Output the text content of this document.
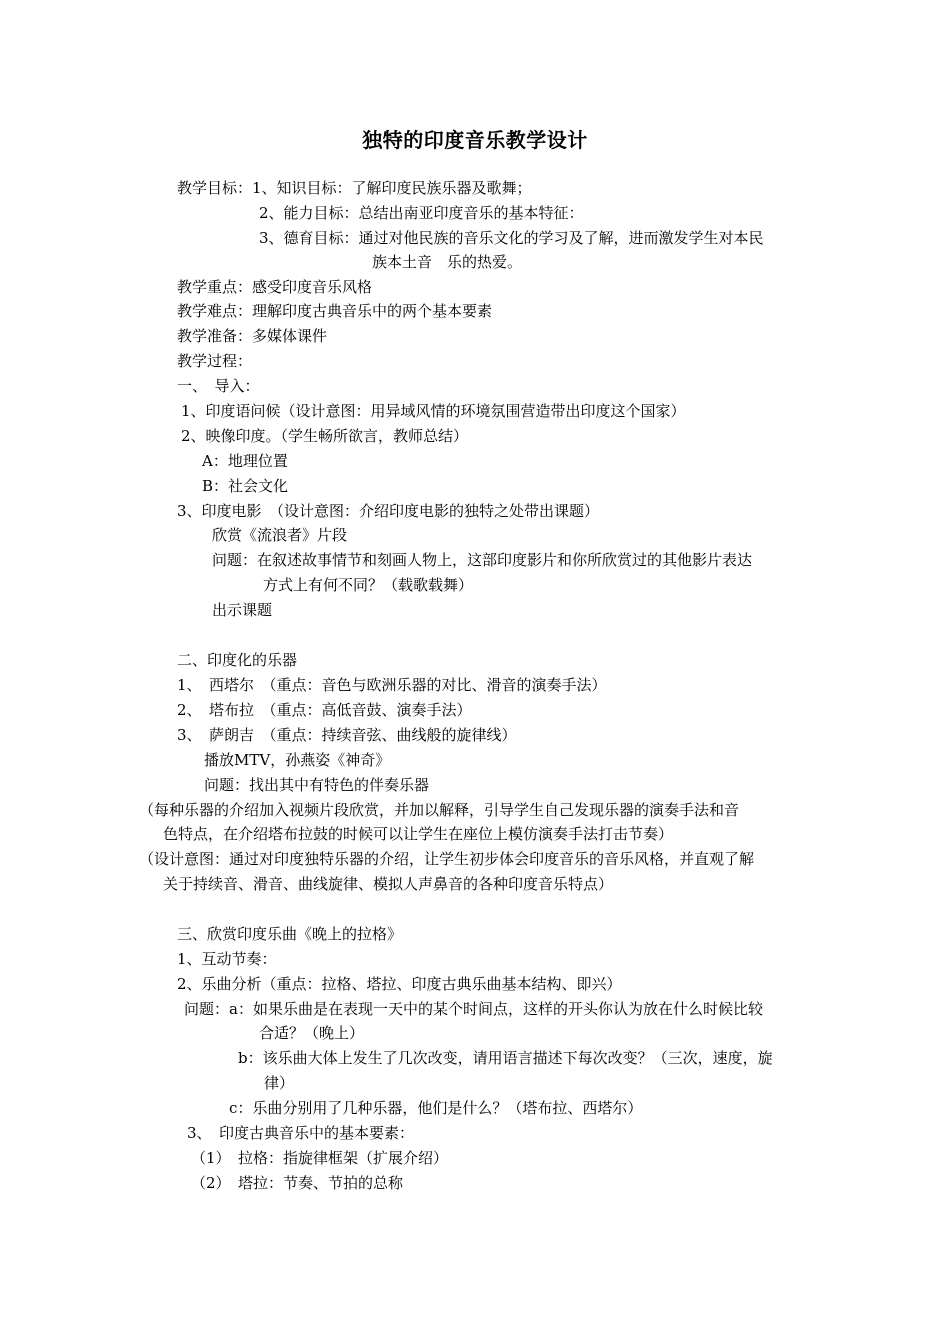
独特的印度音乐教学设计
教学目标：1、知识目标：了解印度民族乐器及歌舞；
2、能力目标：总结出南亚印度音乐的基本特征：
3、德育目标：通过对他民族的音乐文化的学习及了解，进而激发学生对本民
族本土音　乐的热爱。
教学重点：感受印度音乐风格
教学难点：理解印度古典音乐中的两个基本要素
教学准备：多媒体课件
教学过程：
一、　导入：
1、印度语问候（设计意图：用异域风情的环境氛围营造带出印度这个国家）
2、映像印度。（学生畅所欲言，教师总结）
A：地理位置
B：社会文化
3、印度电影　（设计意图：介绍印度电影的独特之处带出课题）
欣赏《流浪者》片段
问题：在叙述故事情节和刻画人物上，这部印度影片和你所欣赏过的其他影片表达
方式上有何不同？（载歌载舞）
出示课题
二、印度化的乐器
1、　西塔尔　（重点：音色与欧洲乐器的对比、滑音的演奏手法）
2、　塔布拉　（重点：高低音鼓、演奏手法）
3、　萨朗吉　（重点：持续音弦、曲线般的旋律线）
播放MTV，孙燕姿《神奇》
问题：找出其中有特色的伴奏乐器
（每种乐器的介绍加入视频片段欣赏，并加以解释，引导学生自己发现乐器的演奏手法和音
色特点，在介绍塔布拉鼓的时候可以让学生在座位上模仿演奏手法打击节奏）
（设计意图：通过对印度独特乐器的介绍，让学生初步体会印度音乐的音乐风格，并直观了解
关于持续音、滑音、曲线旋律、模拟人声鼻音的各种印度音乐特点）
三、欣赏印度乐曲《晚上的拉格》
1、互动节奏：
2、乐曲分析（重点：拉格、塔拉、印度古典乐曲基本结构、即兴）
问题：a：如果乐曲是在表现一天中的某个时间点，这样的开头你认为放在什么时候比较
合适？（晚上）
b：该乐曲大体上发生了几次改变，请用语言描述下每次改变？（三次，速度，旋
律）
c：乐曲分别用了几种乐器，他们是什么？（塔布拉、西塔尔）
3、　印度古典音乐中的基本要素：
（1）　拉格：指旋律框架（扩展介绍）
（2）　塔拉：节奏、节拍的总称
